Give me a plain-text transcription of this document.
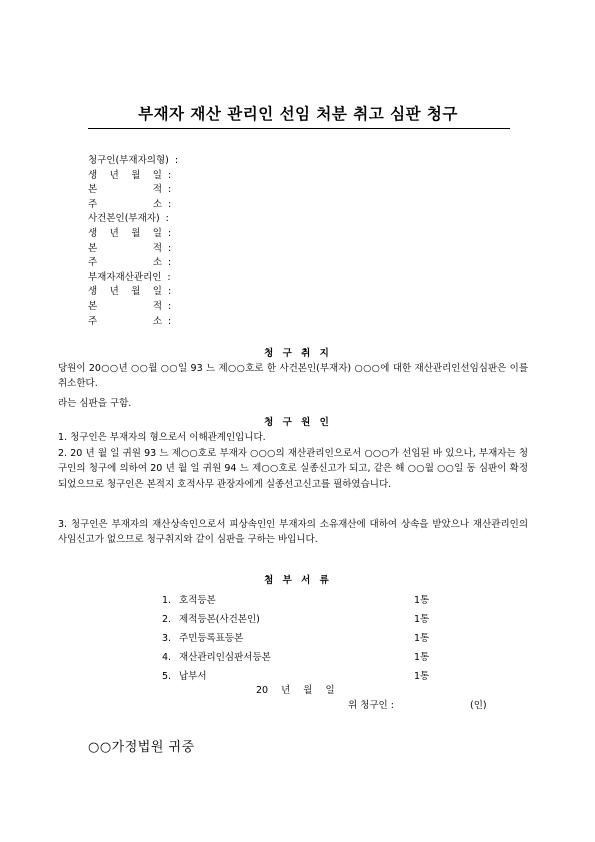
부재자 재산 관리인 선임 처분 취고 심판 청구
청구인(부재자의형) :
생 년 월 일 :
본 적 :
주 소 :
사건본인(부재자) :
생 년 월 일 :
본 적 :
주 소 :
부재자재산관리인 :
생 년 월 일 :
본 적 :
주 소 :
청 구 취 지
당원이 20○○년 ○○월 ○○일 93 느 제○○호로 한 사건본인(부재자) ○○○에 대한 재산관리인선임심판은 이를 취소한다.
라는 심판을 구함.
청 구 원 인
1. 청구인은 부재자의 형으로서 이해관계인입니다.
2. 20 년 월 일 귀원 93 느 제○○호로 부재자 ○○○의 재산관리인으로서 ○○○가 선임된 바 있으나, 부재자는 청구인의 청구에 의하여 20 년 월 일 귀원 94 느 제○○호로 실종신고가 되고, 같은 해 ○○월 ○○일 동 심판이 확정되었으므로 청구인은 본적지 호적사무 관장자에게 실종선고신고를 필하였습니다.
3. 청구인은 부재자의 재산상속인으로서 피상속인인 부재자의 소유재산에 대하여 상속을 받았으나 재산관리인의 사임신고가 없으므로 청구취지와 같이 심판을 구하는 바입니다.
첨 부 서 류
1. 호적등본	1통
2. 제적등본(사건본인)	1통
3. 주민등록표등본	1통
4. 재산관리인심판서등본	1통
5. 납부서	1통
20 년 월 일
위 청구인 :	(인)
○○가정법원 귀중
